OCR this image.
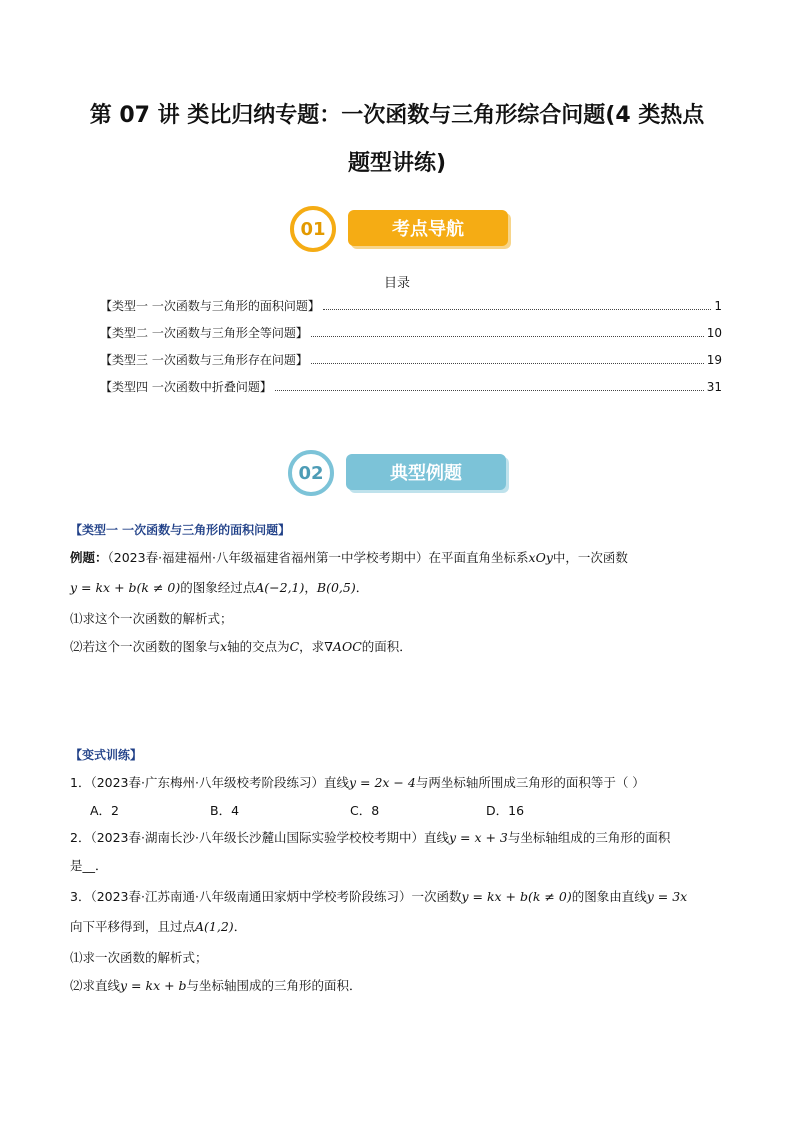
第 07 讲 类比归纳专题：一次函数与三角形综合问题(4 类热点
题型讲练)
01	考点导航
目录
【类型一 一次函数与三角形的面积问题】	1
【类型二 一次函数与三角形全等问题】	10
【类型三 一次函数与三角形存在问题】	19
【类型四 一次函数中折叠问题】	31
02	典型例题
【类型一 一次函数与三角形的面积问题】
例题：（2023春·福建福州·八年级福建省福州第一中学校考期中）在平面直角坐标系xOy中，一次函数
y = kx + b(k ≠ 0)的图象经过点A(−2,1)，B(0,5)．
⑴求这个一次函数的解析式；
⑵若这个一次函数的图象与x轴的交点为C，求∇AOC的面积．
【变式训练】
1．（2023春·广东梅州·八年级校考阶段练习）直线y = 2x − 4与两坐标轴所围成三角形的面积等于（ ）
A．2	B．4	C．8	D．16
2．（2023春·湖南长沙·八年级长沙麓山国际实验学校校考期中）直线y = x + 3与坐标轴组成的三角形的面积
是__．
3．（2023春·江苏南通·八年级南通田家炳中学校考阶段练习）一次函数y = kx + b(k ≠ 0)的图象由直线y = 3x
向下平移得到，且过点A(1,2)．
⑴求一次函数的解析式；
⑵求直线y = kx + b与坐标轴围成的三角形的面积．
